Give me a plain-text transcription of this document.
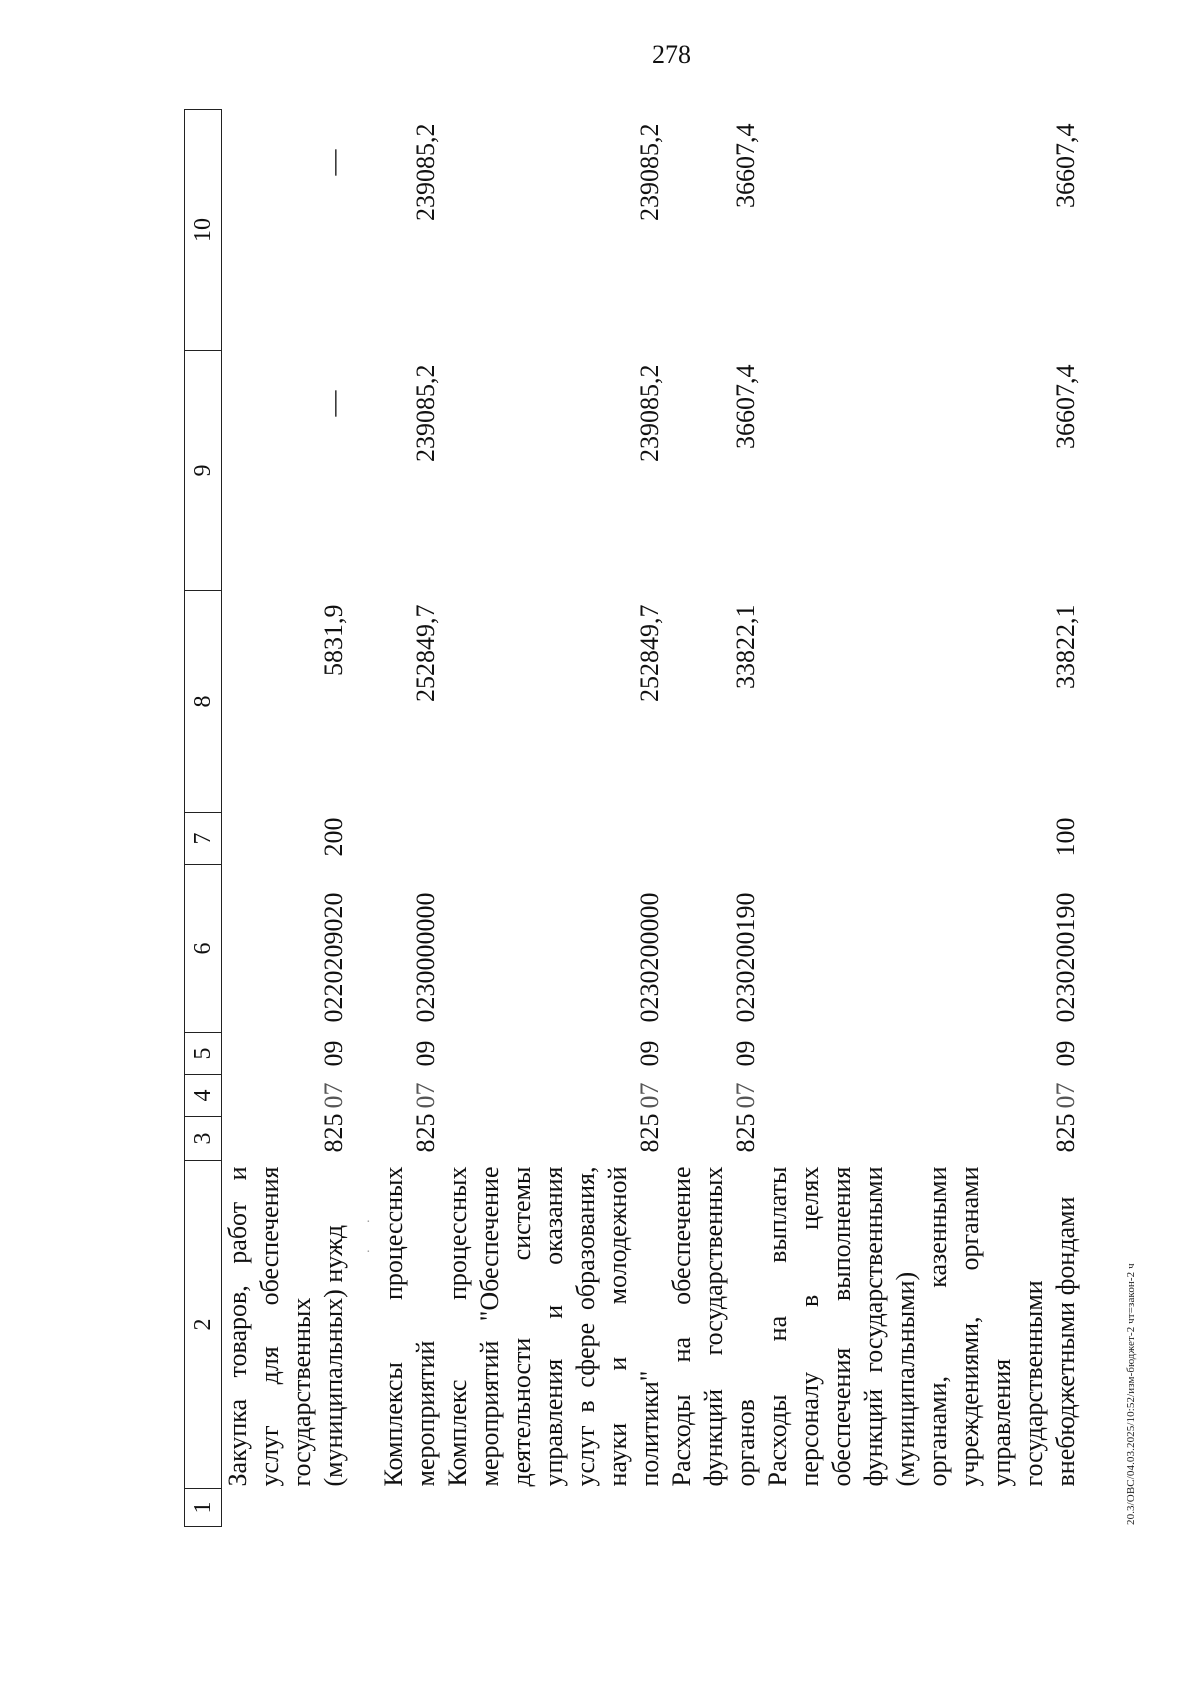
278
·
·
1	2	3	4	5	6	7	8	9	10
	Закупка товаров, работ и услуг для обеспечения государственных (муниципальных) нужд	825	07	09	0220209020	200	5831,9	—	—
	Комплексы процессных мероприятий	825	07	09	0230000000		252849,7	239085,2	239085,2
	Комплекс процессных мероприятий "Обеспечение деятельности системы управления и оказания услуг в сфере образования, науки и молодежной политики"	825	07	09	0230200000		252849,7	239085,2	239085,2
	Расходы на обеспечение функций государственных органов	825	07	09	0230200190		33822,1	36607,4	36607,4
	Расходы на выплаты персоналу в целях обеспечения выполнения функций государственными (муниципальными) органами, казенными учреждениями, органами управления государственными внебюджетными фондами	825	07	09	0230200190	100	33822,1	36607,4	36607,4
20.3/ОВС/04.03.2025/10:52/изм-бюджет-2 чт=закон-2 ч
